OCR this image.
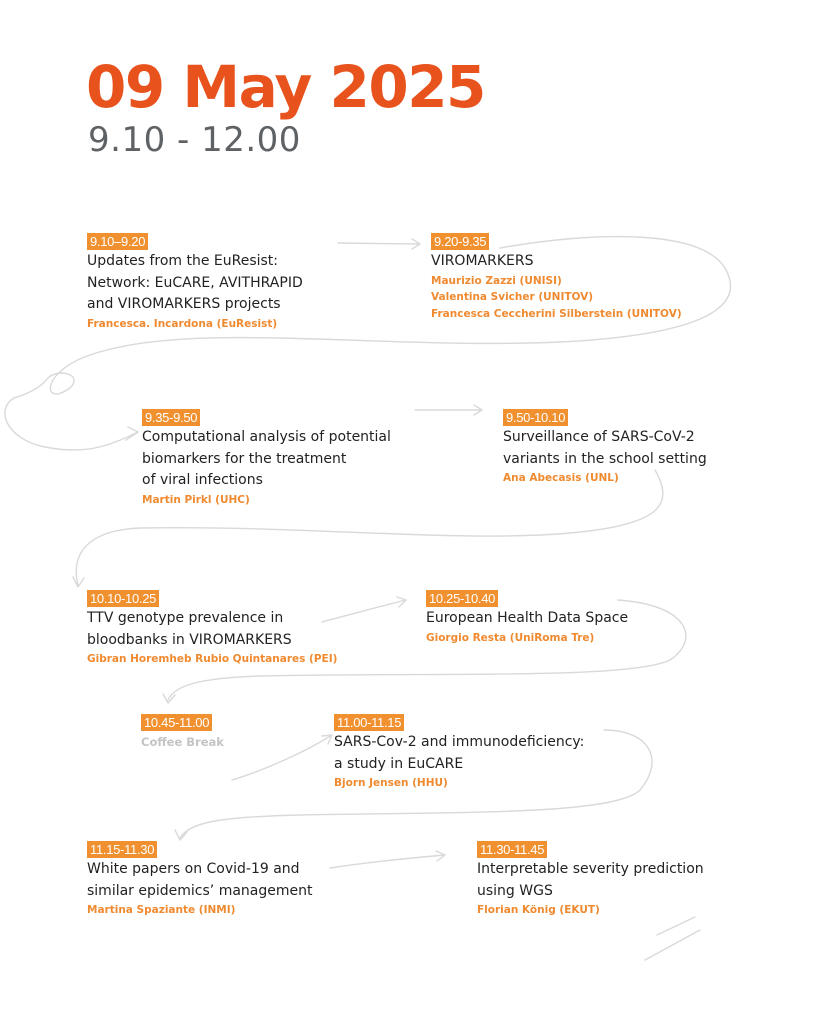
09 May 2025
9.10 - 12.00
9.10–9.20
Updates from the EuResist:
Network: EuCARE, AVITHRAPID
and VIROMARKERS projects
Francesca. Incardona (EuResist)
9.20-9.35
VIROMARKERS
Maurizio Zazzi (UNISI)
Valentina Svicher (UNITOV)
Francesca Ceccherini Silberstein (UNITOV)
9.35-9.50
Computational analysis of potential
biomarkers for the treatment
of viral infections
Martin Pirkl (UHC)
9.50-10.10
Surveillance of SARS-CoV-2
variants in the school setting
Ana Abecasis (UNL)
10.10-10.25
TTV genotype prevalence in
bloodbanks in VIROMARKERS
Gibran Horemheb Rubio Quintanares (PEI)
10.25-10.40
European Health Data Space
Giorgio Resta (UniRoma Tre)
10.45-11.00
Coffee Break
11.00-11.15
SARS-Cov-2 and immunodeficiency:
a study in EuCARE
Bjorn Jensen (HHU)
11.15-11.30
White papers on Covid-19 and
similar epidemics’ management
Martina Spaziante (INMI)
11.30-11.45
Interpretable severity prediction
using WGS
Florian König (EKUT)
